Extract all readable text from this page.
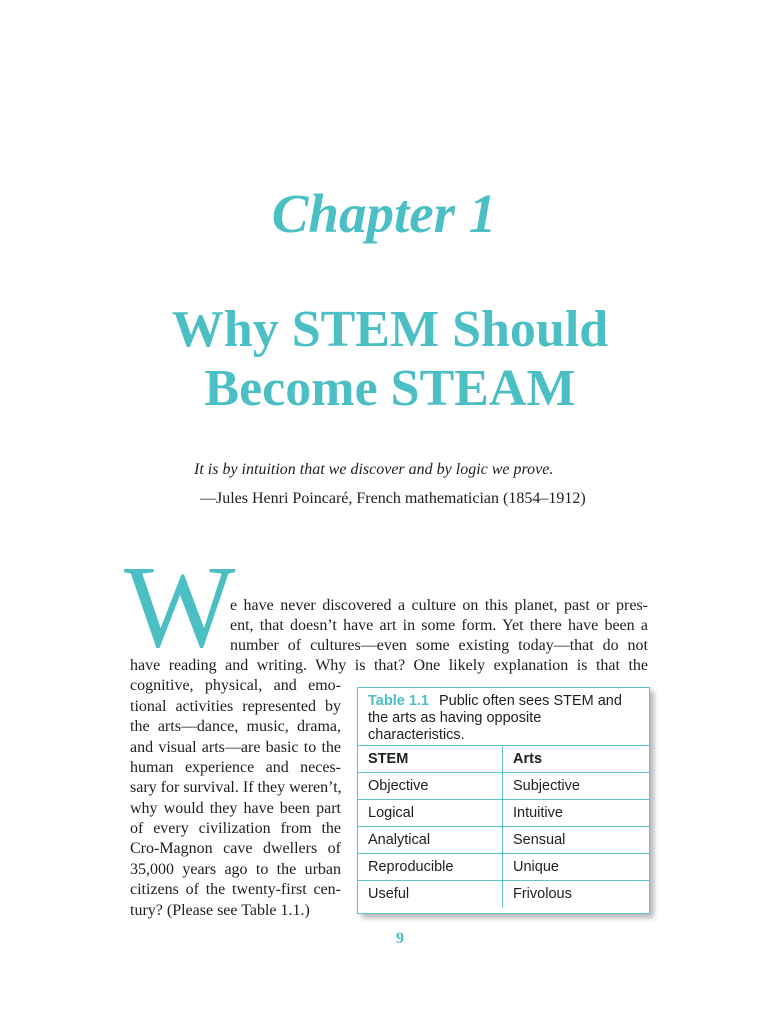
Chapter 1
Why STEM Should
Become STEAM
It is by intuition that we discover and by logic we prove.
—Jules Henri Poincaré, French mathematician (1854–1912)
W
e have never discovered a culture on this planet, past or pres-
ent, that doesn’t have art in some form. Yet there have been a
number of cultures—even some existing today—that do not
have reading and writing. Why is that? One likely explanation is that the
cognitive, physical, and emo-
tional activities represented by
the arts—dance, music, drama,
and visual arts—are basic to the
human experience and neces-
sary for survival. If they weren’t,
why would they have been part
of every civilization from the
Cro-Magnon cave dwellers of
35,000 years ago to the urban
citizens of the twenty-first cen-
tury? (Please see Table 1.1.)
Table 1.1 Public often sees STEM and the arts as having opposite characteristics.
STEM	Arts
Objective	Subjective
Logical	Intuitive
Analytical	Sensual
Reproducible	Unique
Useful	Frivolous
9
